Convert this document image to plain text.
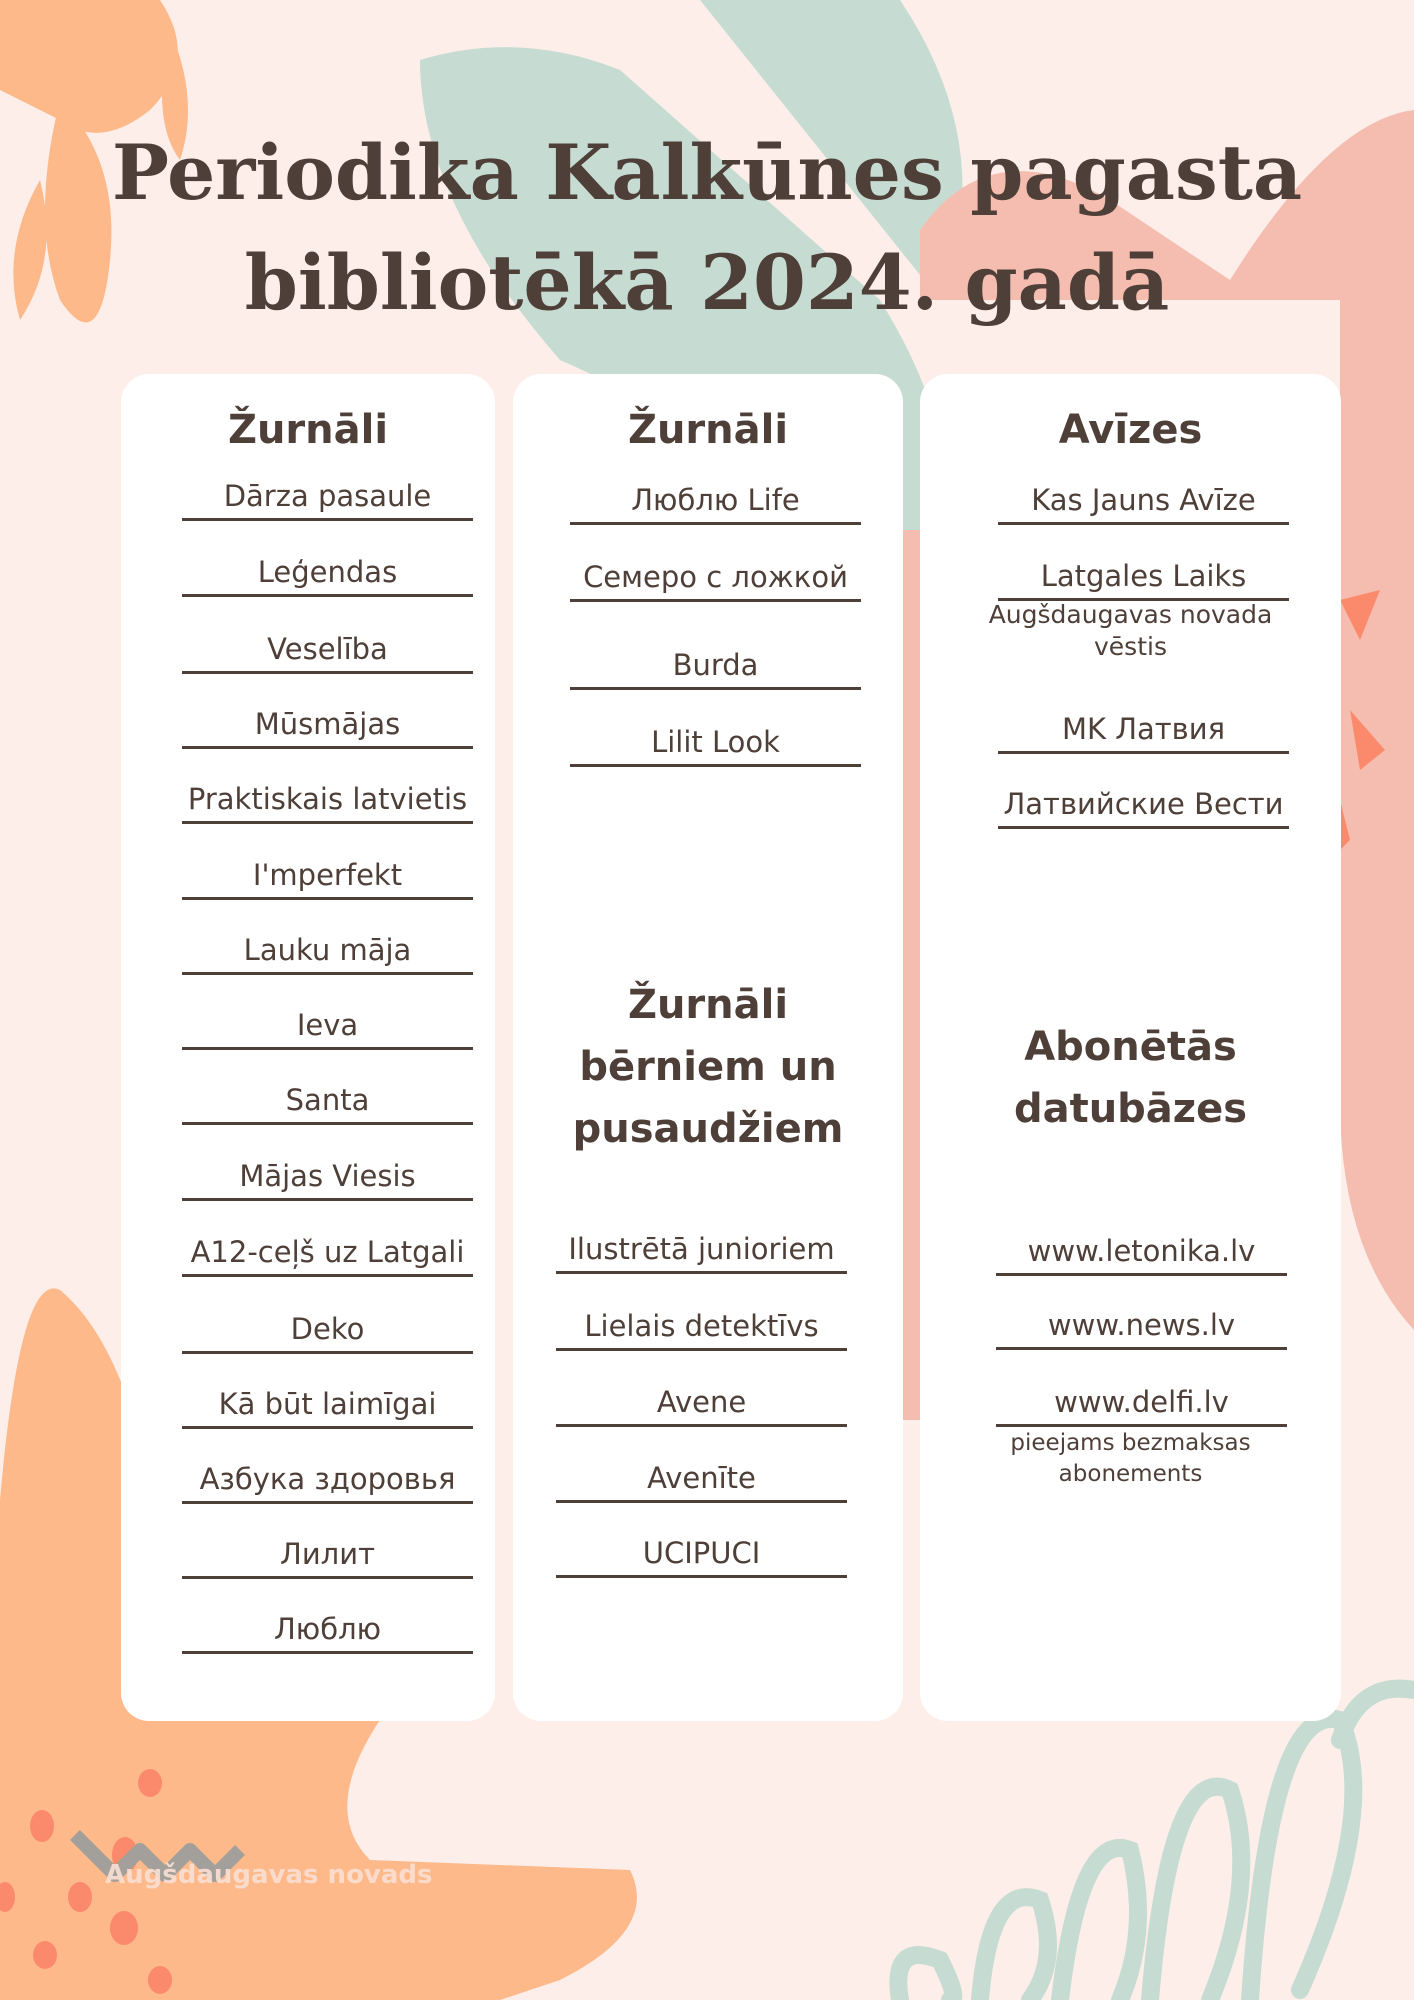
Periodika Kalkūnes pagasta
bibliotēkā 2024. gadā
Žurnāli
Dārza pasaule
Leģendas
Veselība
Mūsmājas
Praktiskais latvietis
I'mperfekt
Lauku māja
Ieva
Santa
Mājas Viesis
A12-ceļš uz Latgali
Deko
Kā būt laimīgai
Азбука здоровья
Лилит
Люблю
Žurnāli
Žurnāli
bērniem un
pusaudžiem
Люблю Life
Семеро с ложкой
Burda
Lilit Look
Ilustrētā junioriem
Lielais detektīvs
Avene
Avenīte
UCIPUCI
Avīzes
Abonētās
datubāzes
Augšdaugavas novada
vēstis
pieejams bezmaksas
abonements
Kas Jauns Avīze
Latgales Laiks
MK Латвия
Латвийские Вести
www.letonika.lv
www.news.lv
www.delfi.lv
Augšdaugavas novads
